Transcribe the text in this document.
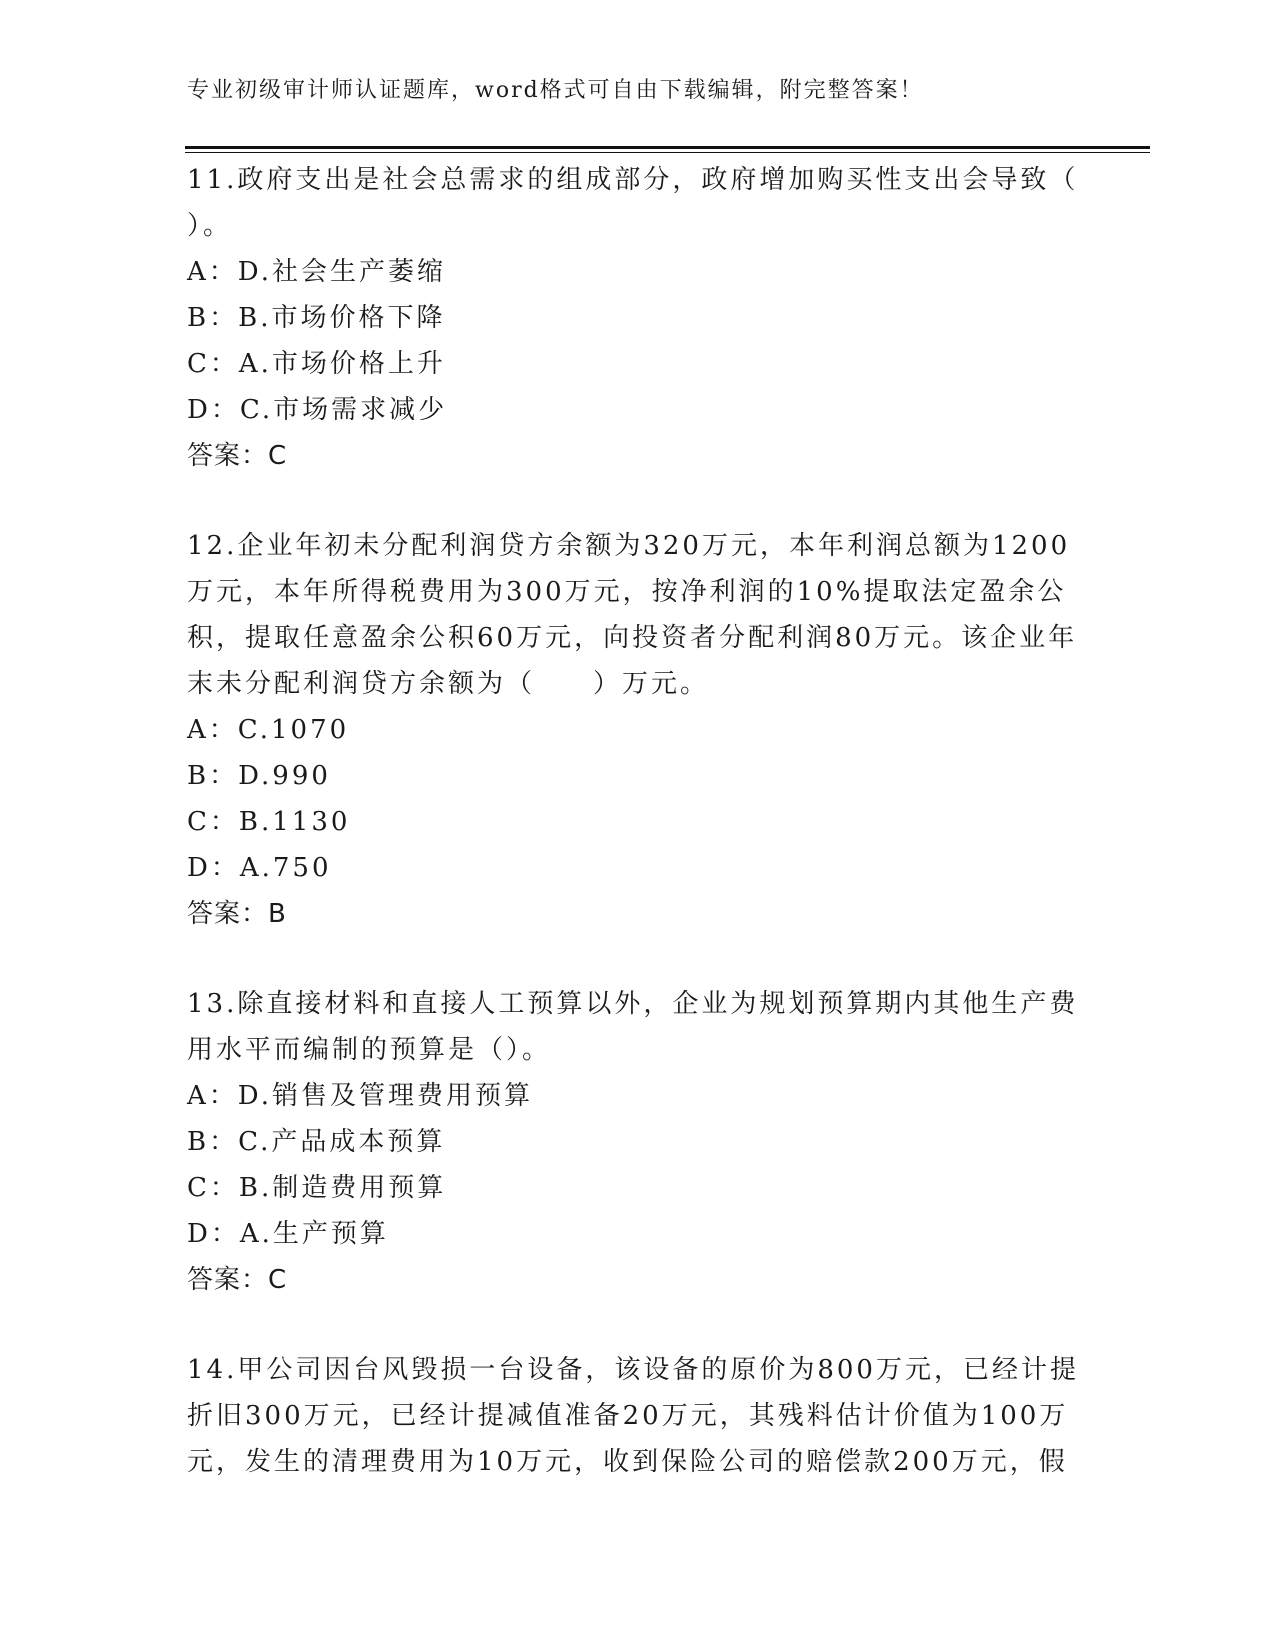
专业初级审计师认证题库，word格式可自由下载编辑，附完整答案！

11.政府支出是社会总需求的组成部分，政府增加购买性支出会导致（ ）。

A：D.社会生产萎缩
B：B.市场价格下降
C：A.市场价格上升
D：C.市场需求减少
答案：C

12.企业年初未分配利润贷方余额为320万元，本年利润总额为1200万元，本年所得税费用为300万元，按净利润的10%提取法定盈余公积，提取任意盈余公积60万元，向投资者分配利润80万元。该企业年末未分配利润贷方余额为（　　）万元。

A：C.1070
B：D.990
C：B.1130
D：A.750
答案：B

13.除直接材料和直接人工预算以外，企业为规划预算期内其他生产费用水平而编制的预算是（）。

A：D.销售及管理费用预算
B：C.产品成本预算
C：B.制造费用预算
D：A.生产预算
答案：C

14.甲公司因台风毁损一台设备，该设备的原价为800万元，已经计提折旧300万元，已经计提减值准备20万元，其残料估计价值为100万元，发生的清理费用为10万元，收到保险公司的赔偿款200万元，假
